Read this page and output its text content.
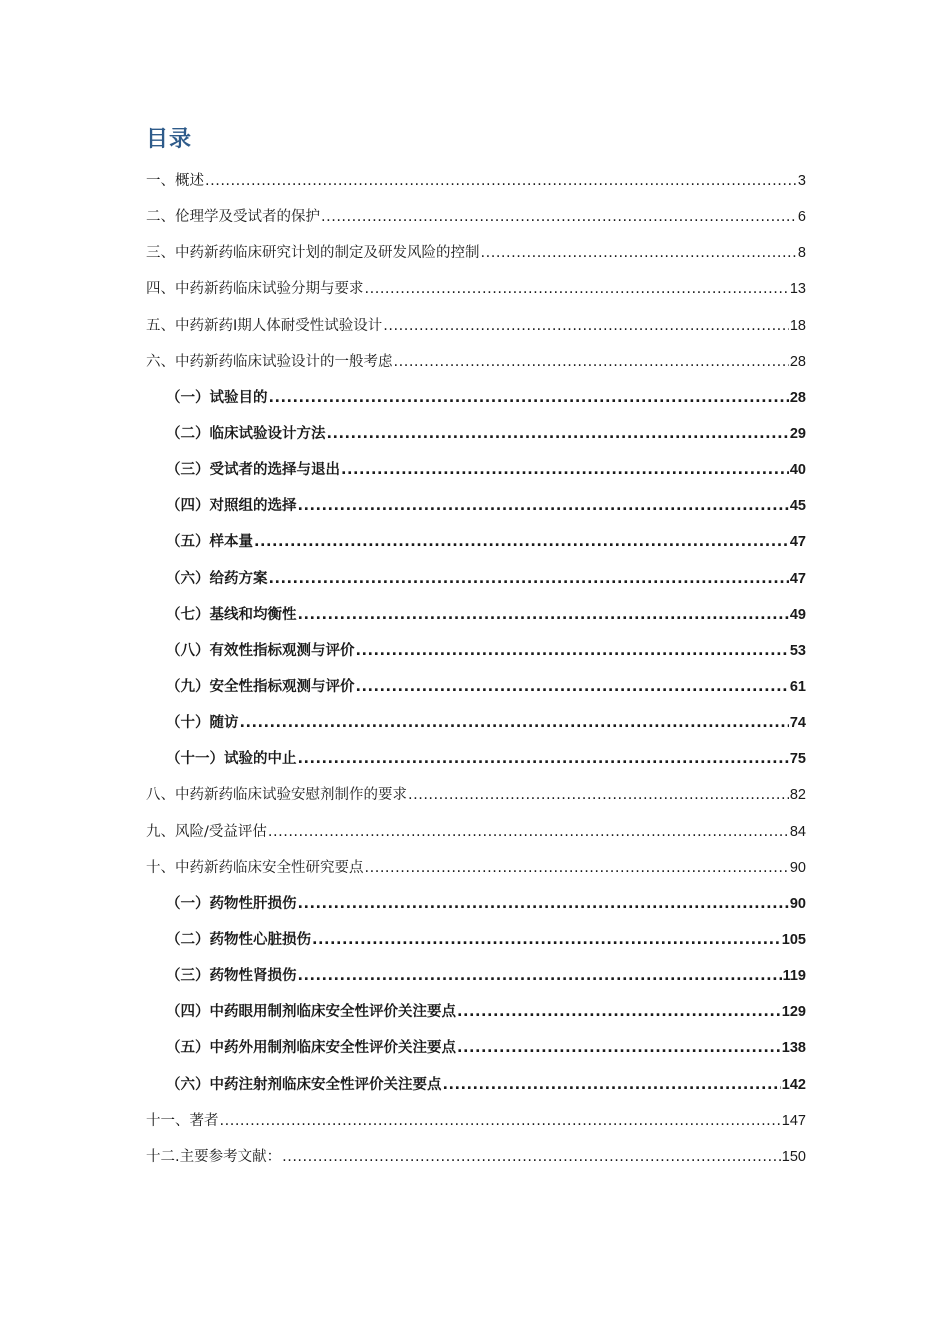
目录
一、概述 .....	3
二、伦理学及受试者的保护 .....	6
三、中药新药临床研究计划的制定及研发风险的控制 .....	8
四、中药新药临床试验分期与要求 .....	13
五、中药新药Ⅰ期人体耐受性试验设计 .....	18
六、中药新药临床试验设计的一般考虑 .....	28
（一）试验目的 .....	28
（二）临床试验设计方法 .....	29
（三）受试者的选择与退出 .....	40
（四）对照组的选择 .....	45
（五）样本量 .....	47
（六）给药方案 .....	47
（七）基线和均衡性 .....	49
（八）有效性指标观测与评价 .....	53
（九）安全性指标观测与评价 .....	61
（十）随访 .....	74
（十一）试验的中止 .....	75
八、中药新药临床试验安慰剂制作的要求 .....	82
九、风险/受益评估 .....	84
十、中药新药临床安全性研究要点 .....	90
（一）药物性肝损伤 .....	90
（二）药物性心脏损伤 .....	105
（三）药物性肾损伤 .....	119
（四）中药眼用制剂临床安全性评价关注要点 .....	129
（五）中药外用制剂临床安全性评价关注要点 .....	138
（六）中药注射剂临床安全性评价关注要点 .....	142
十一、著者 .....	147
十二.主要参考文献： .....	150
